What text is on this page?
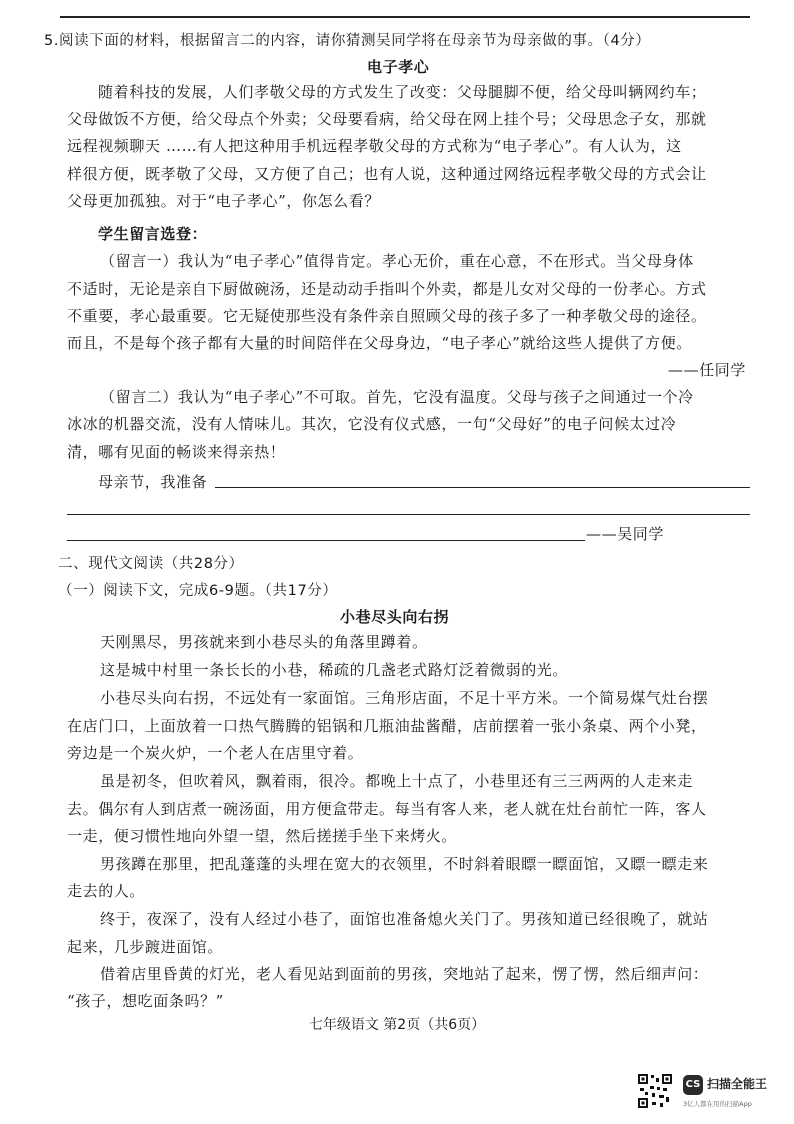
5.阅读下面的材料，根据留言二的内容，请你猜测吴同学将在母亲节为母亲做的事。（4分）
电子孝心
随着科技的发展，人们孝敬父母的方式发生了改变：父母腿脚不便，给父母叫辆网约车；
父母做饭不方便，给父母点个外卖；父母要看病，给父母在网上挂个号；父母思念子女，那就
远程视频聊天 ……有人把这种用手机远程孝敬父母的方式称为“电子孝心”。有人认为，这
样很方便，既孝敬了父母，又方便了自己；也有人说，这种通过网络远程孝敬父母的方式会让
父母更加孤独。对于“电子孝心”，你怎么看？
学生留言选登：
（留言一）我认为“电子孝心”值得肯定。孝心无价，重在心意，不在形式。当父母身体
不适时，无论是亲自下厨做碗汤，还是动动手指叫个外卖，都是儿女对父母的一份孝心。方式
不重要，孝心最重要。它无疑使那些没有条件亲自照顾父母的孩子多了一种孝敬父母的途径。
而且，不是每个孩子都有大量的时间陪伴在父母身边，“电子孝心”就给这些人提供了方便。
——任同学
（留言二）我认为“电子孝心”不可取。首先，它没有温度。父母与孩子之间通过一个冷
冰冰的机器交流，没有人情味儿。其次，它没有仪式感，一句“父母好”的电子问候太过冷
清，哪有见面的畅谈来得亲热！
母亲节，我准备
——吴同学
二、现代文阅读（共28分）
（一）阅读下文，完成6-9题。（共17分）
小巷尽头向右拐
天刚黑尽，男孩就来到小巷尽头的角落里蹲着。
这是城中村里一条长长的小巷，稀疏的几盏老式路灯泛着微弱的光。
小巷尽头向右拐，不远处有一家面馆。三角形店面，不足十平方米。一个简易煤气灶台摆
在店门口，上面放着一口热气腾腾的铝锅和几瓶油盐酱醋，店前摆着一张小条桌、两个小凳，
旁边是一个炭火炉，一个老人在店里守着。
虽是初冬，但吹着风，飘着雨，很冷。都晚上十点了，小巷里还有三三两两的人走来走
去。偶尔有人到店煮一碗汤面，用方便盒带走。每当有客人来，老人就在灶台前忙一阵，客人
一走，便习惯性地向外望一望，然后搓搓手坐下来烤火。
男孩蹲在那里，把乱蓬蓬的头埋在宽大的衣领里，不时斜着眼瞟一瞟面馆，又瞟一瞟走来
走去的人。
终于，夜深了，没有人经过小巷了，面馆也准备熄火关门了。男孩知道已经很晚了，就站
起来，几步踱进面馆。
借着店里昏黄的灯光，老人看见站到面前的男孩，突地站了起来，愣了愣，然后细声问：
“孩子，想吃面条吗？”
七年级语文 第2页（共6页）
CS 扫描全能王
3亿人都在用的扫描App
